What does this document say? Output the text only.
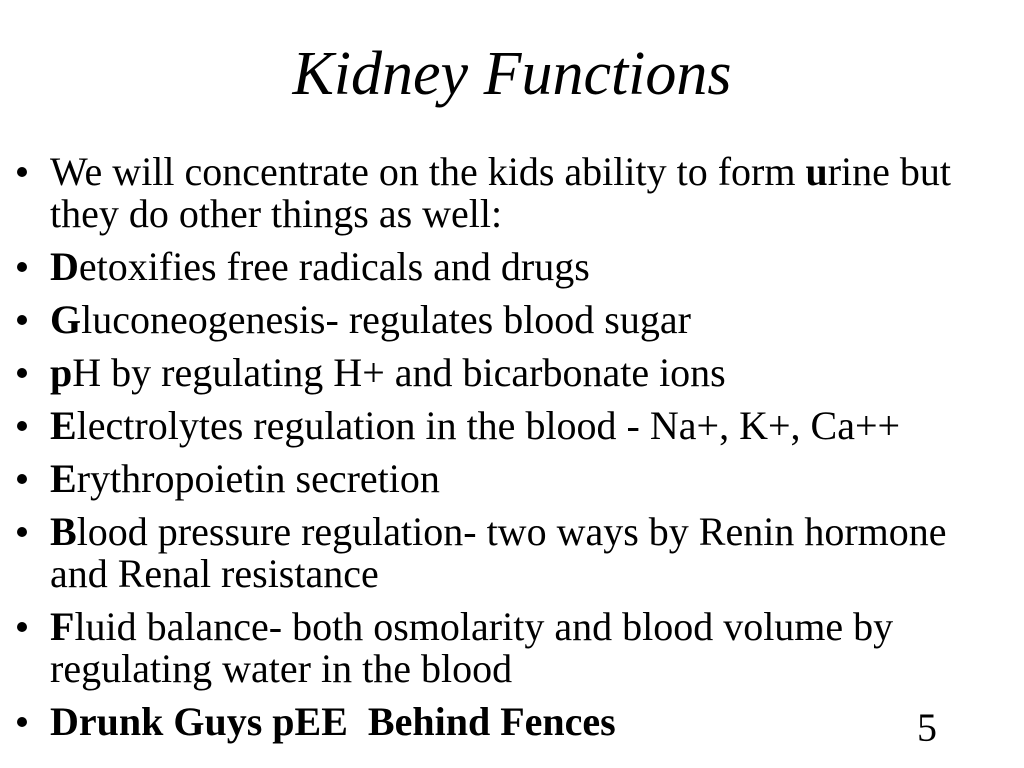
Kidney Functions
We will concentrate on the kids ability to form urine but they do other things as well:
Detoxifies free radicals and drugs
Gluconeogenesis- regulates blood sugar
pH by regulating H+ and bicarbonate ions
Electrolytes regulation in the blood - Na+, K+, Ca++
Erythropoietin secretion
Blood pressure regulation- two ways by Renin hormone and Renal resistance
Fluid balance- both osmolarity and blood volume by regulating water in the blood
Drunk Guys pEE  Behind Fences	5
